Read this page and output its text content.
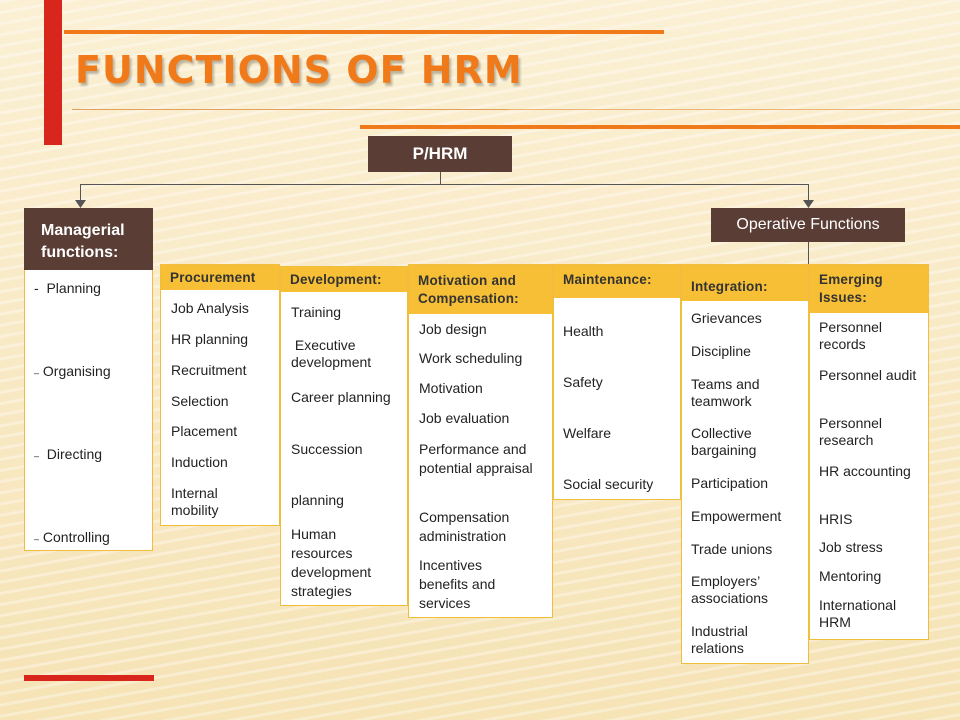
FUNCTIONS OF HRM
P/HRM
-  Planning
– Organising
– Directing
– Controlling
Managerial functions:
Operative Functions
Procurement
Job Analysis
HR planning
Recruitment
Selection
Placement
Induction
Internal mobility
Development:
Training
Executive development
Career planning
Succession
planning
Human resources development strategies
Motivation and Compensation:
Job design
Work scheduling
Motivation
Job evaluation
Performance and potential appraisal
Compensation administration
Incentives benefits and services
Maintenance:
Health
Safety
Welfare
Social security
Integration:
Grievances
Discipline
Teams and teamwork
Collective bargaining
Participation
Empowerment
Trade unions
Employers’ associations
Industrial relations
Emerging Issues:
Personnel records
Personnel audit
Personnel research
HR accounting
HRIS
Job stress
Mentoring
International HRM
